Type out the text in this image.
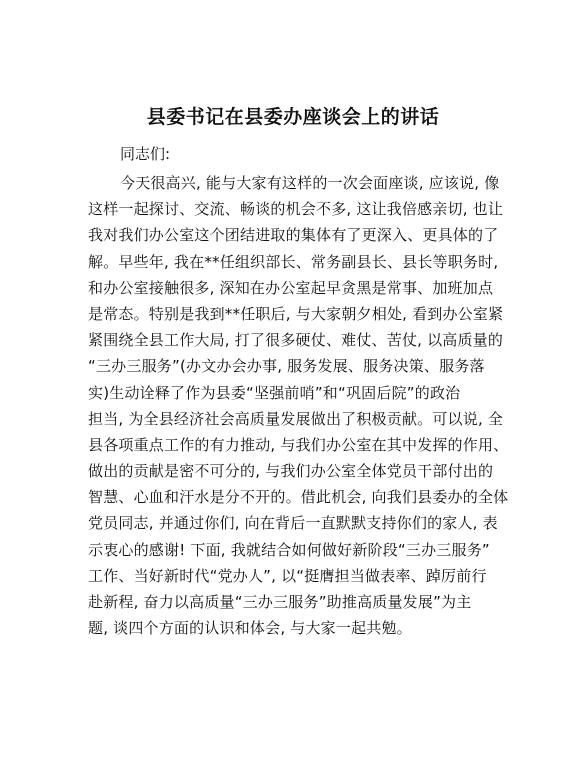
县委书记在县委办座谈会上的讲话

同志们:

今天很高兴, 能与大家有这样的一次会面座谈, 应该说, 像
这样一起探讨、交流、畅谈的机会不多, 这让我倍感亲切, 也让
我对我们办公室这个团结进取的集体有了更深入、更具体的了
解。早些年, 我在**任组织部长、常务副县长、县长等职务时,
和办公室接触很多, 深知在办公室起早贪黑是常事、加班加点
是常态。特别是我到**任职后, 与大家朝夕相处, 看到办公室紧
紧围绕全县工作大局, 打了很多硬仗、难仗、苦仗, 以高质量的
“三办三服务”(办文办会办事, 服务发展、服务决策、服务落
实)生动诠释了作为县委“坚强前哨”和“巩固后院”的政治
担当, 为全县经济社会高质量发展做出了积极贡献。可以说, 全
县各项重点工作的有力推动, 与我们办公室在其中发挥的作用、
做出的贡献是密不可分的, 与我们办公室全体党员干部付出的
智慧、心血和汗水是分不开的。借此机会, 向我们县委办的全体
党员同志, 并通过你们, 向在背后一直默默支持你们的家人, 表
示衷心的感谢! 下面, 我就结合如何做好新阶段“三办三服务”
工作、当好新时代“党办人”, 以“挺膺担当做表率、踔厉前行
赴新程, 奋力以高质量“三办三服务”助推高质量发展”为主
题, 谈四个方面的认识和体会, 与大家一起共勉。
